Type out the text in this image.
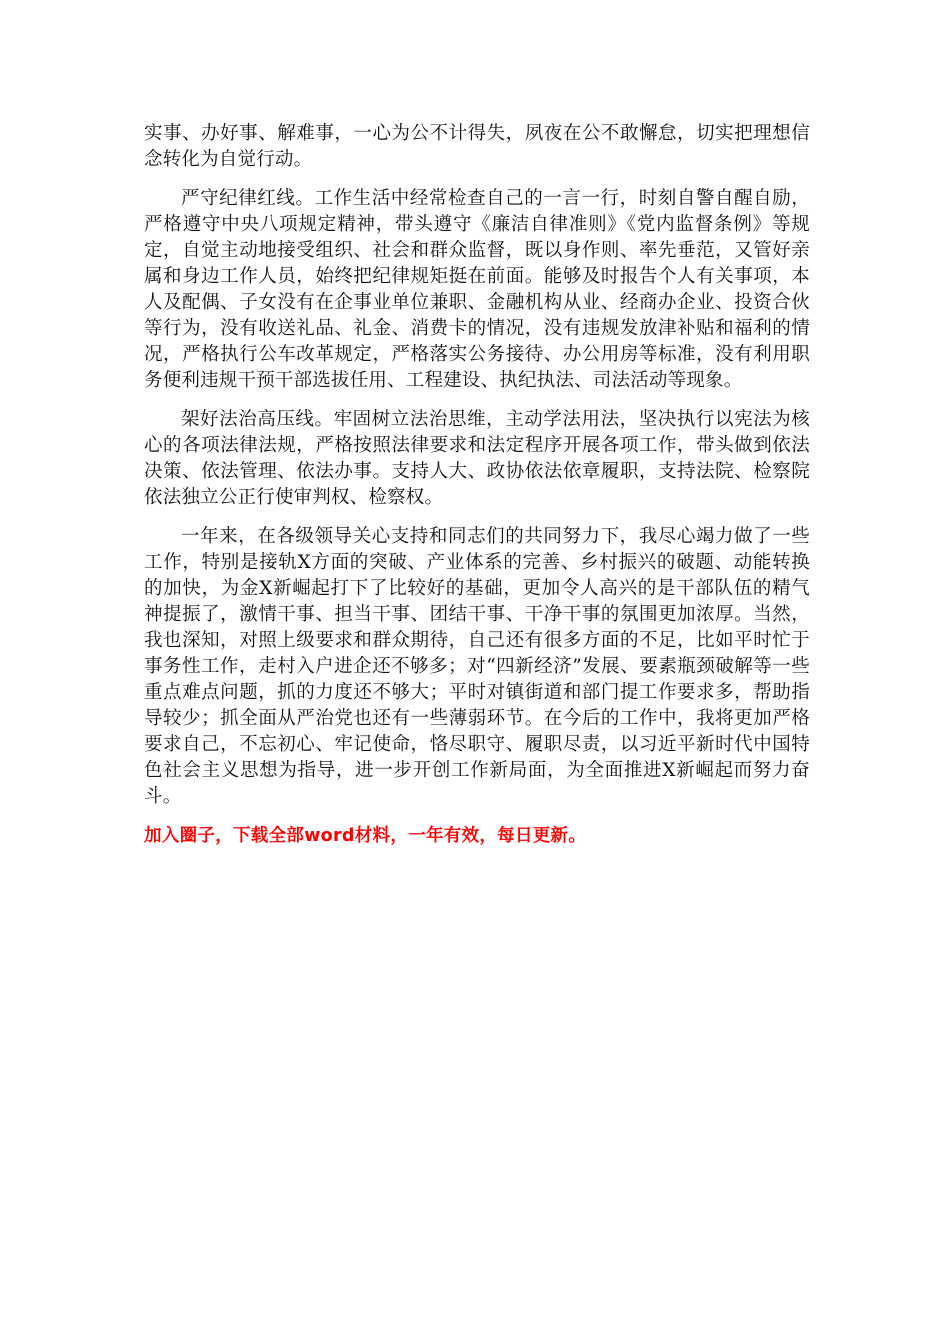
实事、办好事、解难事，一心为公不计得失，夙夜在公不敢懈怠，切实把理想信念转化为自觉行动。

严守纪律红线。工作生活中经常检查自己的一言一行，时刻自警自醒自励，严格遵守中央八项规定精神，带头遵守《廉洁自律准则》《党内监督条例》等规定，自觉主动地接受组织、社会和群众监督，既以身作则、率先垂范，又管好亲属和身边工作人员，始终把纪律规矩挺在前面。能够及时报告个人有关事项，本人及配偶、子女没有在企事业单位兼职、金融机构从业、经商办企业、投资合伙等行为，没有收送礼品、礼金、消费卡的情况，没有违规发放津补贴和福利的情况，严格执行公车改革规定，严格落实公务接待、办公用房等标准，没有利用职务便利违规干预干部选拔任用、工程建设、执纪执法、司法活动等现象。

架好法治高压线。牢固树立法治思维，主动学法用法，坚决执行以宪法为核心的各项法律法规，严格按照法律要求和法定程序开展各项工作，带头做到依法决策、依法管理、依法办事。支持人大、政协依法依章履职，支持法院、检察院依法独立公正行使审判权、检察权。

一年来，在各级领导关心支持和同志们的共同努力下，我尽心竭力做了一些工作，特别是接轨X方面的突破、产业体系的完善、乡村振兴的破题、动能转换的加快，为金X新崛起打下了比较好的基础，更加令人高兴的是干部队伍的精气神提振了，激情干事、担当干事、团结干事、干净干事的氛围更加浓厚。当然，我也深知，对照上级要求和群众期待，自己还有很多方面的不足，比如平时忙于事务性工作，走村入户进企还不够多；对“四新经济”发展、要素瓶颈破解等一些重点难点问题，抓的力度还不够大；平时对镇街道和部门提工作要求多，帮助指导较少；抓全面从严治党也还有一些薄弱环节。在今后的工作中，我将更加严格要求自己，不忘初心、牢记使命，恪尽职守、履职尽责，以习近平新时代中国特色社会主义思想为指导，进一步开创工作新局面，为全面推进X新崛起而努力奋斗。

加入圈子，下载全部word材料，一年有效，每日更新。
